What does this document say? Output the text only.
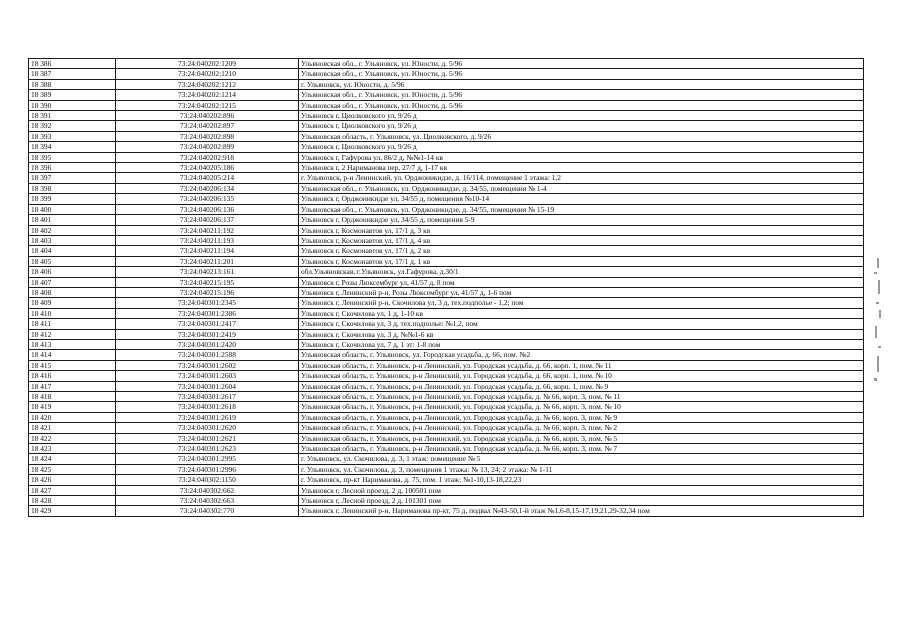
18 386	73:24:040202:1209	Ульяновская обл., г. Ульяновск, ул. Юности, д. 5/96
18 387	73:24:040202:1210	Ульяновская обл., г. Ульяновск, ул. Юности, д. 5/96
18 388	73:24:040202:1212	г. Ульяновск, ул. Юности, д. 5/96
18 389	73:24:040202:1214	Ульяновская обл., г. Ульяновск, ул. Юности, д. 5/96
18 390	73:24:040202:1215	Ульяновская обл., г. Ульяновск, ул. Юности, д. 5/96
18 391	73:24:040202:896	Ульяновск г, Циолковского ул, 9/26 д
18 392	73:24:040202:897	Ульяновск г, Циолковского ул, 9/26 д
18 393	73:24:040202:898	Ульяновская область, г. Ульяновск, ул. Циолковского, д. 9/26
18 394	73:24:040202:899	Ульяновск г, Циолковского ул, 9/26 д
18 395	73:24:040202:918	Ульяновск г, Гафурова ул, 86/2 д, №№1-14 кв
18 396	73:24:040205:186	Ульяновск г, 2 Нариманова пер, 27/7 д, 1-17 кв
18 397	73:24:040205:214	г. Ульяновск, р-н Ленинский, ул. Орджоникидзе, д. 16/114, помещение 1 этажа: 1,2
18 398	73:24:040206:134	Ульяновская обл., г. Ульяновск, ул. Орджоникидзе, д. 34/55, помещения № 1-4
18 399	73:24:040206:135	Ульяновск г, Орджоникидзе ул, 34/55 д, помещения №10-14
18 400	73:24:040206:136	Ульяновская обл., г. Ульяновск, ул. Орджоникидзе, д. 34/55, помещения № 15-19
18 401	73:24:040206:137	Ульяновск г, Орджоникидзе ул, 34/55 д, помещения 5-9
18 402	73:24:040211:192	Ульяновск г, Космонавтов ул, 17/1 д, 3 кв
18 403	73:24:040211:193	Ульяновск г, Космонавтов ул, 17/1 д, 4 кв
18 404	73:24:040211:194	Ульяновск г, Космонавтов ул, 17/1 д, 2 кв
18 405	73:24:040211:201	Ульяновск г, Космонавтов ул, 17/1 д, 1 кв
18 406	73:24:040213:161	обл.Ульяновская, г.Ульяновск, ул.Гафурова, д.30/1
18 407	73:24:040215:195	Ульяновск г, Розы Люксембург ул, 41/57 д, 8 пом
18 408	73:24:040215:196	Ульяновск г, Ленинский р-н, Розы Люксембург ул, 41/57 д, 1-6 пом
18 409	73:24:040301:2345	Ульяновск г, Ленинский р-н, Скочилова ул, 3 д, тех.подполье - 1,2; пом
18 410	73:24:040301:2386	Ульяновск г, Скочилова ул, 1 д, 1-10 кв
18 411	73:24:040301:2417	Ульяновск г, Скочилова ул, 3 д, тех.подполье: №1,2, пом
18 412	73:24:040301:2419	Ульяновск г, Скочилова ул, 3 д, №№1-6 кв
18 413	73:24:040301:2420	Ульяновск г, Скочилова ул, 7 д, 1 эт: 1-8 пом
18 414	73:24:040301:2588	Ульяновская область, г. Ульяновск, ул. Городская усадьба, д. 66, пом. №2
18 415	73:24:040301:2602	Ульяновская область, г. Ульяновск, р-н Ленинский, ул. Городская усадьба, д. 66, корп. 1, пом. № 11
18 416	73:24:040301:2603	Ульяновская область, г. Ульяновск, р-н Ленинский, ул. Городская усадьба, д. 66, корп. 1, пом. № 10
18 417	73:24:040301:2604	Ульяновская область, г. Ульяновск, р-н Ленинский, ул. Городская усадьба, д. 66, корп. 1, пом. № 9
18 418	73:24:040301:2617	Ульяновская область, г. Ульяновск, р-н Ленинский, ул. Городская усадьба, д. № 66, корп. 3, пом. № 11
18 419	73:24:040301:2618	Ульяновская область, г. Ульяновск, р-н Ленинский, ул. Городская усадьба, д. № 66, корп. 3, пом. № 10
18 420	73:24:040301:2619	Ульяновская область, г. Ульяновск, р-н Ленинский, ул. Городская усадьба, д. № 66, корп. 3, пом. № 9
18 421	73:24:040301:2620	Ульяновская область, г. Ульяновск, р-н Ленинский, ул. Городская усадьба, д. № 66, корп. 3, пом. № 2
18 422	73:24:040301:2621	Ульяновская область, г. Ульяновск, р-н Ленинский, ул. Городская усадьба, д. № 66, корп. 3, пом. № 5
18 423	73:24:040301:2623	Ульяновская область, г. Ульяновск, р-н Ленинский, ул. Городская усадьба, д. № 66, корп. 3, пом. № 7
18 424	73:24:040301:2995	г. Ульяновск, ул. Скочилова, д. 3, 1 этаж: помещение № 5
18 425	73:24:040301:2996	г. Ульяновск, ул. Скочилова, д. 3, помещения 1 этажа: № 13, 24; 2 этажа: № 1-11
18 426	73:24:040302:1150	г. Ульяновск, пр-кт Нариманова, д. 75, пом. 1 этаж: №1-10,13-18,22,23
18 427	73:24:040302:662	Ульяновск г, Лесной проезд, 2 д, 100501 пом
18 428	73:24:040302:663	Ульяновск г, Лесной проезд, 2 д, 101301 пом
18 429	73:24:040302:770	Ульяновск г, Ленинский р-н, Нариманова пр-кт, 75 д, подвал №43-50,1-й этаж №1,6-8,15-17,19,21,29-32,34 пом
